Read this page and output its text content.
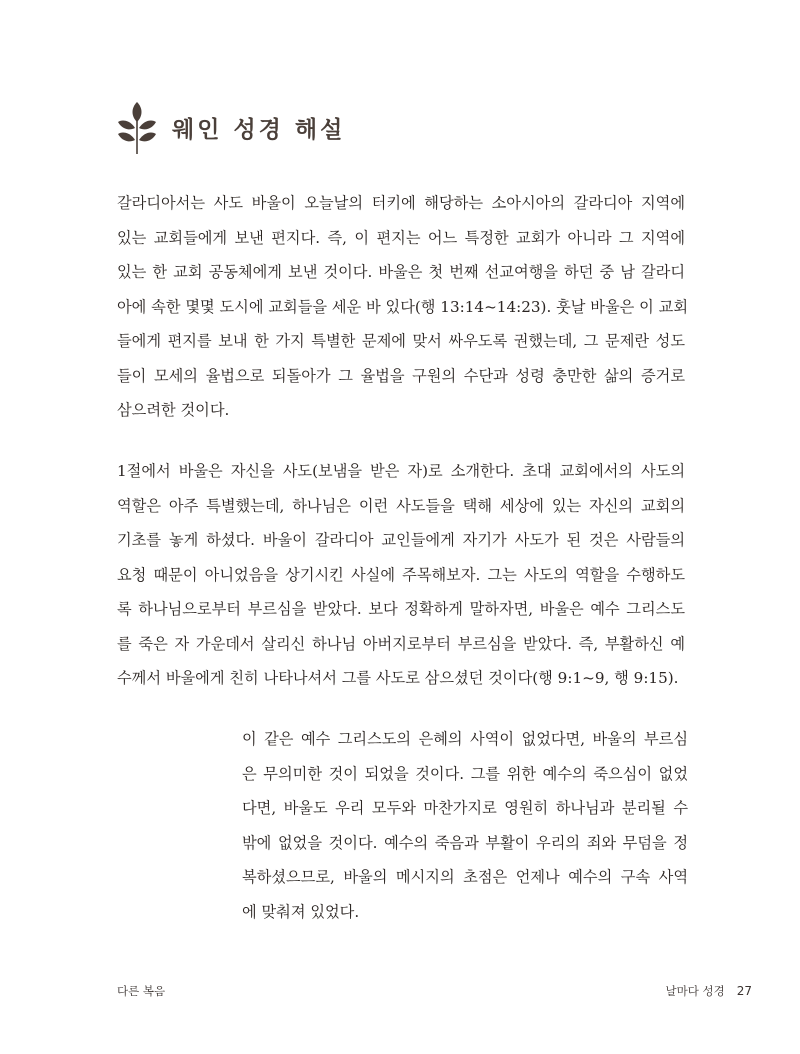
웨인 성경 해설
갈라디아서는 사도 바울이 오늘날의 터키에 해당하는 소아시아의 갈라디아 지역에
있는 교회들에게 보낸 편지다. 즉, 이 편지는 어느 특정한 교회가 아니라 그 지역에
있는 한 교회 공동체에게 보낸 것이다. 바울은 첫 번째 선교여행을 하던 중 남 갈라디
아에 속한 몇몇 도시에 교회들을 세운 바 있다(행 13:14~14:23). 훗날 바울은 이 교회
들에게 편지를 보내 한 가지 특별한 문제에 맞서 싸우도록 권했는데, 그 문제란 성도
들이 모세의 율법으로 되돌아가 그 율법을 구원의 수단과 성령 충만한 삶의 증거로
삼으려한 것이다.
1절에서 바울은 자신을 사도(보냄을 받은 자)로 소개한다. 초대 교회에서의 사도의
역할은 아주 특별했는데, 하나님은 이런 사도들을 택해 세상에 있는 자신의 교회의
기초를 놓게 하셨다. 바울이 갈라디아 교인들에게 자기가 사도가 된 것은 사람들의
요청 때문이 아니었음을 상기시킨 사실에 주목해보자. 그는 사도의 역할을 수행하도
록 하나님으로부터 부르심을 받았다. 보다 정확하게 말하자면, 바울은 예수 그리스도
를 죽은 자 가운데서 살리신 하나님 아버지로부터 부르심을 받았다. 즉, 부활하신 예
수께서 바울에게 친히 나타나셔서 그를 사도로 삼으셨던 것이다(행 9:1~9, 행 9:15).
이 같은 예수 그리스도의 은혜의 사역이 없었다면, 바울의 부르심
은 무의미한 것이 되었을 것이다. 그를 위한 예수의 죽으심이 없었
다면, 바울도 우리 모두와 마찬가지로 영원히 하나님과 분리될 수
밖에 없었을 것이다. 예수의 죽음과 부활이 우리의 죄와 무덤을 정
복하셨으므로, 바울의 메시지의 초점은 언제나 예수의 구속 사역
에 맞춰져 있었다.
다른 복음	날마다 성경 27
